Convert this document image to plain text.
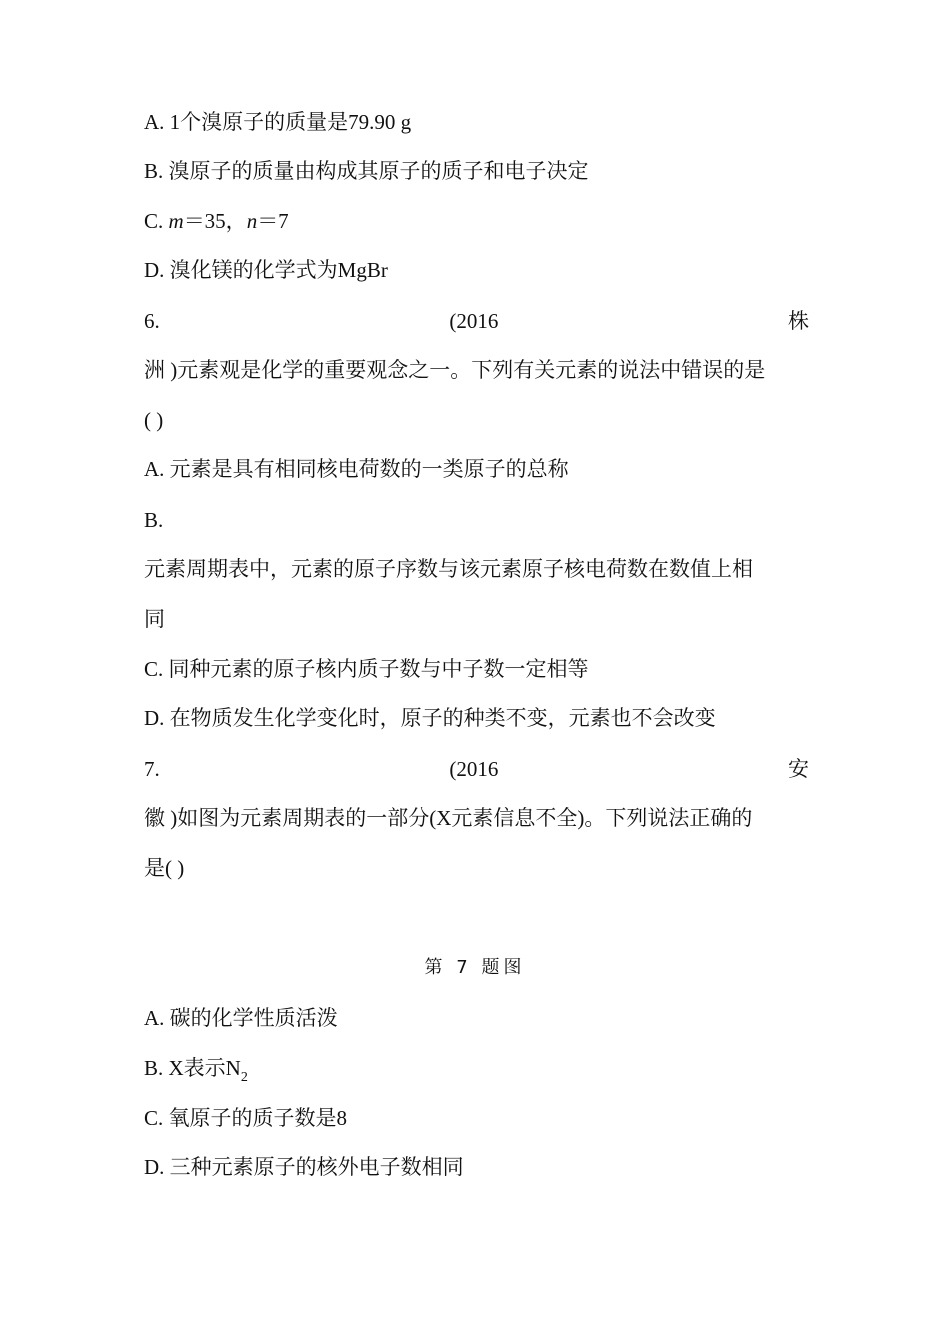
A. 1个溴原子的质量是79.90 g
B. 溴原子的质量由构成其原子的质子和电子决定
C. m＝35，n＝7
D. 溴化镁的化学式为MgBr
6.	(2016	株
洲 )元素观是化学的重要观念之一。下列有关元素的说法中错误的是
( )
A. 元素是具有相同核电荷数的一类原子的总称
B.
元素周期表中，元素的原子序数与该元素原子核电荷数在数值上相
同
C. 同种元素的原子核内质子数与中子数一定相等
D. 在物质发生化学变化时，原子的种类不变，元素也不会改变
7.	(2016	安
徽 )如图为元素周期表的一部分(X元素信息不全)。下列说法正确的
是( )
第 7 题图
A. 碳的化学性质活泼
B. X表示$N_2$
C. 氧原子的质子数是8
D. 三种元素原子的核外电子数相同
